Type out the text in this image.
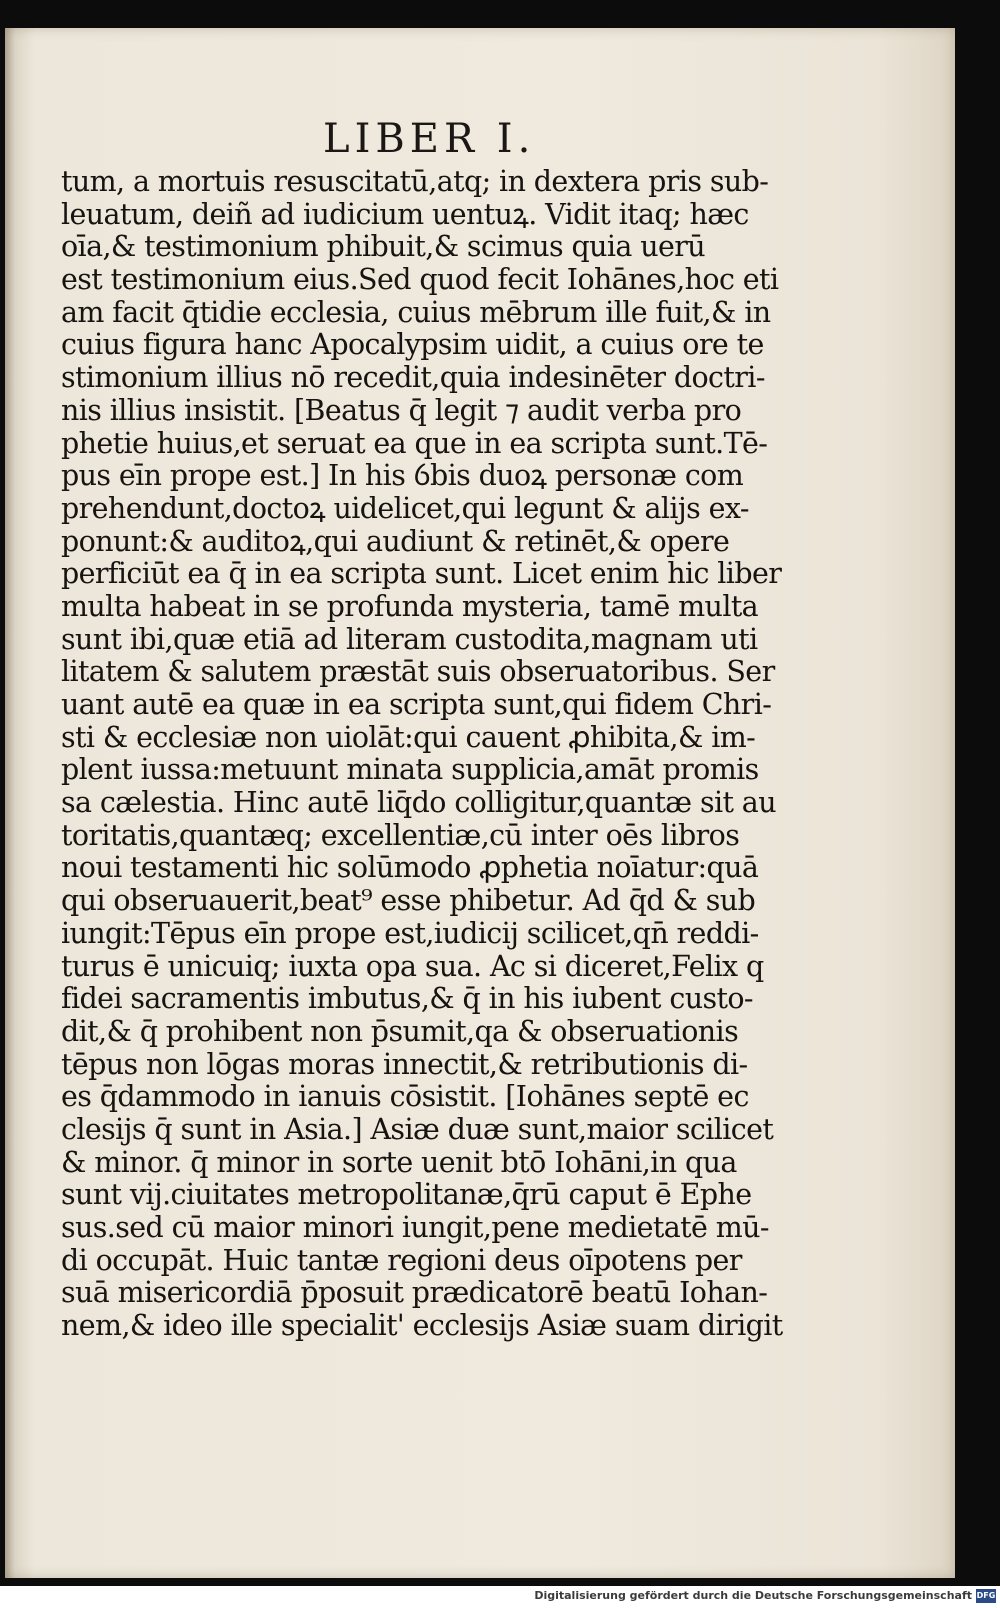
LIBER I.
tum, a mortuis resuscitatū,atq; in dextera pris sub-
leuatum, deiñ ad iudicium uentuꝝ. Vidit itaq; hæc
oīa,& testimonium phibuit,& scimus quia uerū
est testimonium eius.Sed quod fecit Iohānes,hoc eti
am facit q̄tidie ecclesia, cuius mēbrum ille fuit,& in
cuius figura hanc Apocalypsim uidit, a cuius ore te
stimonium illius nō recedit,quia indesinēter doctri-
nis illius insistit. [Beatus q̄ legit ⁊ audit verba pro
phetie huius,et seruat ea que in ea scripta sunt.Tē-
pus eīn prope est.] In his ỽbis duoꝝ personæ com
prehendunt,doctoꝝ uidelicet,qui legunt & alijs ex-
ponunt:& auditoꝝ,qui audiunt & retinēt,& opere
perficiūt ea q̄ in ea scripta sunt. Licet enim hic liber
multa habeat in se profunda mysteria, tamē multa
sunt ibi,quæ etiā ad literam custodita,magnam uti
litatem & salutem præstāt suis obseruatoribus. Ser
uant autē ea quæ in ea scripta sunt,qui fidem Chri-
sti & ecclesiæ non uiolāt:qui cauent ꝓhibita,& im-
plent iussa:metuunt minata supplicia,amāt promis
sa cælestia. Hinc autē liq̄do colligitur,quantæ sit au
toritatis,quantæq; excellentiæ,cū inter oēs libros
noui testamenti hic solūmodo ꝓphetia noīatur:quā
qui obseruauerit,beat⁹ esse phibetur. Ad q̄d & sub
iungit:Tēpus eīn prope est,iudicij scilicet,qn̄ reddi-
turus ē unicuiq; iuxta opa sua. Ac si diceret,Felix q
fidei sacramentis imbutus,& q̄ in his iubent custo-
dit,& q̄ prohibent non p̄sumit,qa & obseruationis
tēpus non lōgas moras innectit,& retributionis di-
es q̄dammodo in ianuis cōsistit. [Iohānes septē ec
clesijs q̄ sunt in Asia.] Asiæ duæ sunt,maior scilicet
& minor. q̄ minor in sorte uenit btō Iohāni,in qua
sunt vij.ciuitates metropolitanæ,q̄rū caput ē Ephe
sus.sed cū maior minori iungit,pene medietatē mū-
di occupāt. Huic tantæ regioni deus oīpotens per
suā misericordiā p̄posuit prædicatorē beatū Iohan-
nem,& ideo ille specialit' ecclesijs Asiæ suam dirigit
Digitalisierung gefördert durch die Deutsche Forschungsgemeinschaft DFG
